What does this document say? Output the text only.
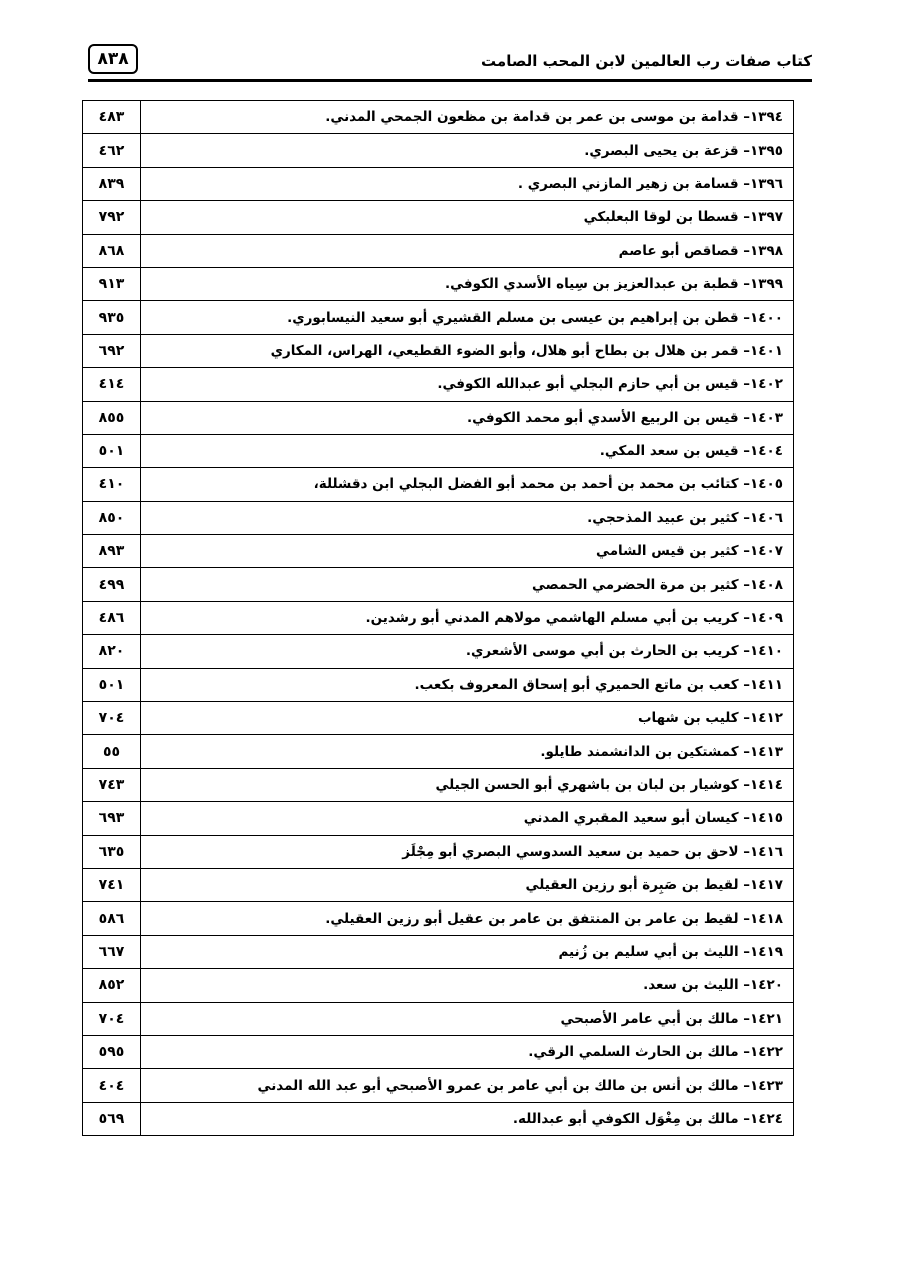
٨٣٨	كتاب صفات رب العالمين لابن المحب الصامت
٤٨٣	١٣٩٤– قدامة بن موسى بن عمر بن قدامة بن مظعون الجمحي المدني.
٤٦٢	١٣٩٥– قزعة بن يحيى البصري.
٨٣٩	١٣٩٦– قسامة بن زهير المازني البصري .
٧٩٢	١٣٩٧– قسطا بن لوقا البعلبكي
٨٦٨	١٣٩٨– قصاقص أبو عاصم
٩١٣	١٣٩٩– قطبة بن عبدالعزيز بن سِياه الأسدي الكوفي.
٩٣٥	١٤٠٠– قطن بن إبراهيم بن عيسى بن مسلم القشيري أبو سعيد النيسابوري.
٦٩٢	١٤٠١– قمر بن هلال بن بطاح أبو هلال، وأبو الضوء القطيعي، الهراس، المكاري
٤١٤	١٤٠٢– قيس بن أبي حازم البجلي أبو عبدالله الكوفي.
٨٥٥	١٤٠٣– قيس بن الربيع الأسدي أبو محمد الكوفي.
٥٠١	١٤٠٤– قيس بن سعد المكي.
٤١٠	١٤٠٥– كتائب بن محمد بن أحمد بن محمد أبو الفضل البجلي ابن دقشللة،
٨٥٠	١٤٠٦– كثير بن عبيد المذحجي.
٨٩٣	١٤٠٧– كثير بن قيس الشامي
٤٩٩	١٤٠٨– كثير بن مرة الحضرمي الحمصي
٤٨٦	١٤٠٩– كريب بن أبي مسلم الهاشمي مولاهم المدني أبو رشدين.
٨٢٠	١٤١٠– كريب بن الحارث بن أبي موسى الأشعري.
٥٠١	١٤١١– كعب بن ماتع الحميري أبو إسحاق المعروف بكعب.
٧٠٤	١٤١٢– كليب بن شهاب
٥٥	١٤١٣– كمشتكين بن الدانشمند طايلو.
٧٤٣	١٤١٤– كوشيار بن لبان بن باشهري أبو الحسن الجيلي
٦٩٣	١٤١٥– كيسان أبو سعيد المقبري المدني
٦٣٥	١٤١٦– لاحق بن حميد بن سعيد السدوسي البصري أبو مِجْلَز
٧٤١	١٤١٧– لقيط بن صَبِرة أبو رزين العقيلي
٥٨٦	١٤١٨– لقيط بن عامر بن المنتفق بن عامر بن عقيل أبو رزين العقيلي.
٦٦٧	١٤١٩– الليث بن أبي سليم بن زُنيم
٨٥٢	١٤٢٠– الليث بن سعد.
٧٠٤	١٤٢١– مالك بن أبي عامر الأصبحي
٥٩٥	١٤٢٢– مالك بن الحارث السلمي الرقي.
٤٠٤	١٤٢٣– مالك بن أنس بن مالك بن أبي عامر بن عمرو الأصبحي أبو عبد الله المدني
٥٦٩	١٤٢٤– مالك بن مِغْوَل الكوفي أبو عبدالله.
